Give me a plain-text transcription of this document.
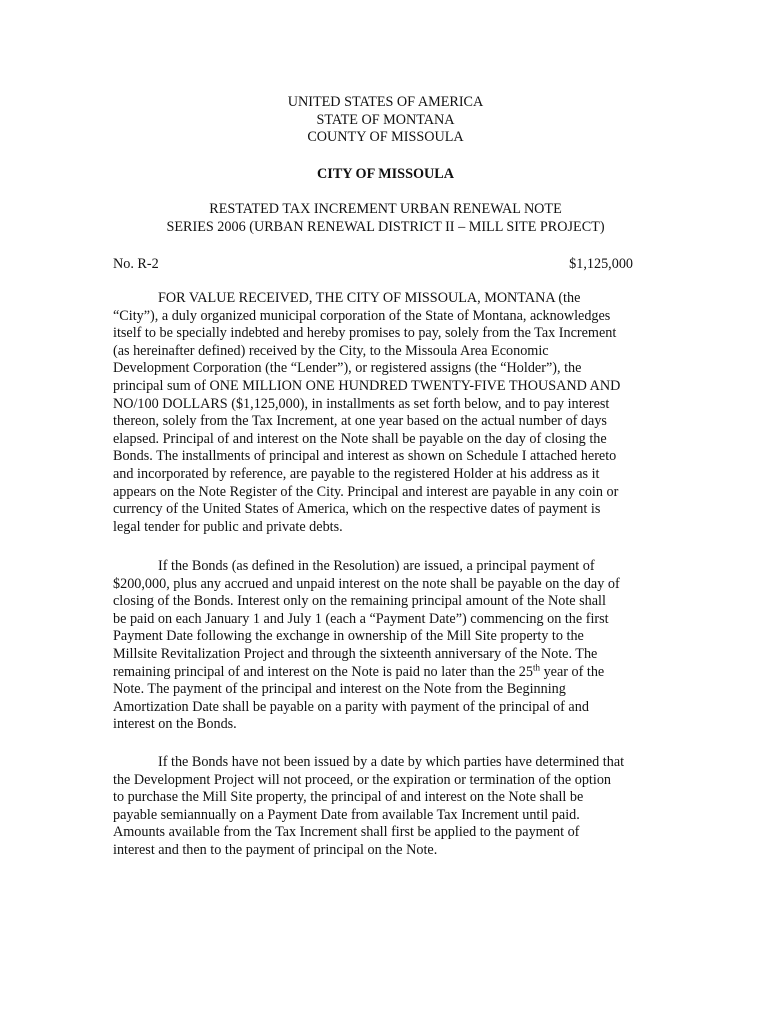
UNITED STATES OF AMERICA
STATE OF MONTANA
COUNTY OF MISSOULA
CITY OF MISSOULA
RESTATED TAX INCREMENT URBAN RENEWAL NOTE
SERIES 2006 (URBAN RENEWAL DISTRICT II – MILL SITE PROJECT)
No. R-2	$1,125,000
FOR VALUE RECEIVED, THE CITY OF MISSOULA, MONTANA (the
“City”), a duly organized municipal corporation of the State of Montana, acknowledges
itself to be specially indebted and hereby promises to pay, solely from the Tax Increment
(as hereinafter defined) received by the City, to the Missoula Area Economic
Development Corporation (the “Lender”), or registered assigns (the “Holder”), the
principal sum of ONE MILLION ONE HUNDRED TWENTY-FIVE THOUSAND AND
NO/100 DOLLARS ($1,125,000), in installments as set forth below, and to pay interest
thereon, solely from the Tax Increment, at one year based on the actual number of days
elapsed. Principal of and interest on the Note shall be payable on the day of closing the
Bonds. The installments of principal and interest as shown on Schedule I attached hereto
and incorporated by reference, are payable to the registered Holder at his address as it
appears on the Note Register of the City. Principal and interest are payable in any coin or
currency of the United States of America, which on the respective dates of payment is
legal tender for public and private debts.
If the Bonds (as defined in the Resolution) are issued, a principal payment of
$200,000, plus any accrued and unpaid interest on the note shall be payable on the day of
closing of the Bonds. Interest only on the remaining principal amount of the Note shall
be paid on each January 1 and July 1 (each a “Payment Date”) commencing on the first
Payment Date following the exchange in ownership of the Mill Site property to the
Millsite Revitalization Project and through the sixteenth anniversary of the Note. The
remaining principal of and interest on the Note is paid no later than the 25th year of the
Note. The payment of the principal and interest on the Note from the Beginning
Amortization Date shall be payable on a parity with payment of the principal of and
interest on the Bonds.
If the Bonds have not been issued by a date by which parties have determined that
the Development Project will not proceed, or the expiration or termination of the option
to purchase the Mill Site property, the principal of and interest on the Note shall be
payable semiannually on a Payment Date from available Tax Increment until paid.
Amounts available from the Tax Increment shall first be applied to the payment of
interest and then to the payment of principal on the Note.
